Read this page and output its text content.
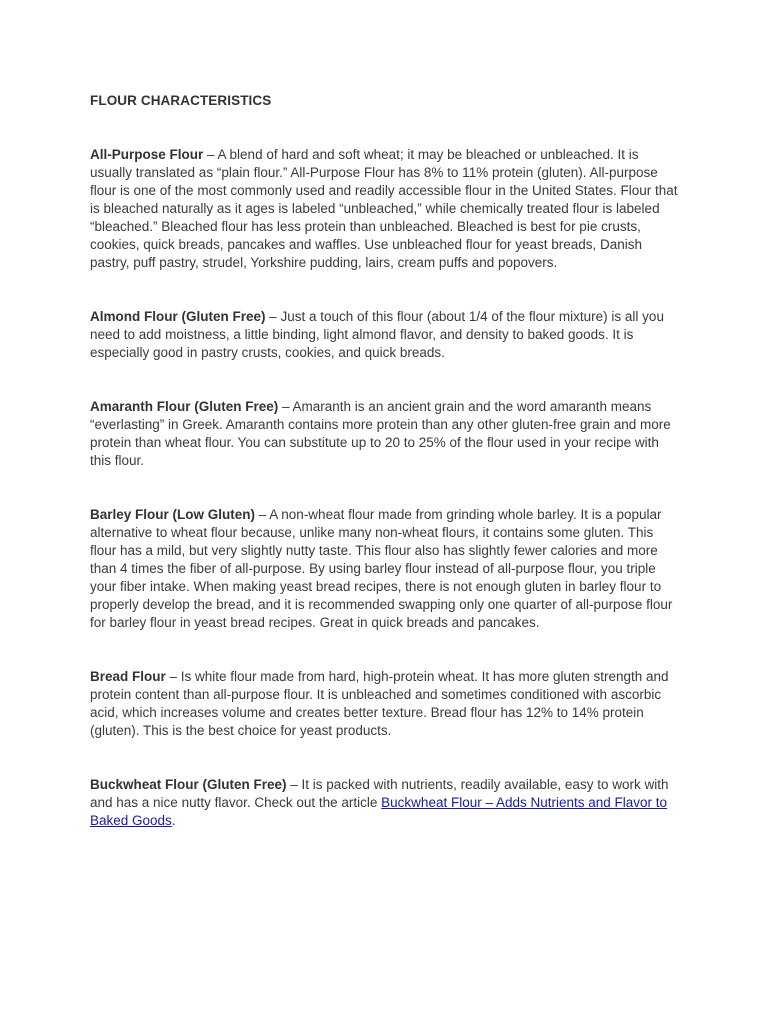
FLOUR CHARACTERISTICS

All-Purpose Flour – A blend of hard and soft wheat; it may be bleached or unbleached. It is usually translated as “plain flour.” All-Purpose Flour has 8% to 11% protein (gluten). All-purpose flour is one of the most commonly used and readily accessible flour in the United States. Flour that is bleached naturally as it ages is labeled “unbleached,” while chemically treated flour is labeled “bleached.” Bleached flour has less protein than unbleached. Bleached is best for pie crusts, cookies, quick breads, pancakes and waffles. Use unbleached flour for yeast breads, Danish pastry, puff pastry, strudel, Yorkshire pudding, lairs, cream puffs and popovers.

Almond Flour (Gluten Free) – Just a touch of this flour (about 1/4 of the flour mixture) is all you need to add moistness, a little binding, light almond flavor, and density to baked goods. It is especially good in pastry crusts, cookies, and quick breads.

Amaranth Flour (Gluten Free) – Amaranth is an ancient grain and the word amaranth means “everlasting” in Greek. Amaranth contains more protein than any other gluten-free grain and more protein than wheat flour. You can substitute up to 20 to 25% of the flour used in your recipe with this flour.

Barley Flour (Low Gluten) – A non-wheat flour made from grinding whole barley. It is a popular alternative to wheat flour because, unlike many non-wheat flours, it contains some gluten. This flour has a mild, but very slightly nutty taste. This flour also has slightly fewer calories and more than 4 times the fiber of all-purpose. By using barley flour instead of all-purpose flour, you triple your fiber intake. When making yeast bread recipes, there is not enough gluten in barley flour to properly develop the bread, and it is recommended swapping only one quarter of all-purpose flour for barley flour in yeast bread recipes. Great in quick breads and pancakes.

Bread Flour – Is white flour made from hard, high-protein wheat. It has more gluten strength and protein content than all-purpose flour. It is unbleached and sometimes conditioned with ascorbic acid, which increases volume and creates better texture. Bread flour has 12% to 14% protein (gluten). This is the best choice for yeast products.

Buckwheat Flour (Gluten Free) – It is packed with nutrients, readily available, easy to work with and has a nice nutty flavor. Check out the article Buckwheat Flour – Adds Nutrients and Flavor to Baked Goods.
